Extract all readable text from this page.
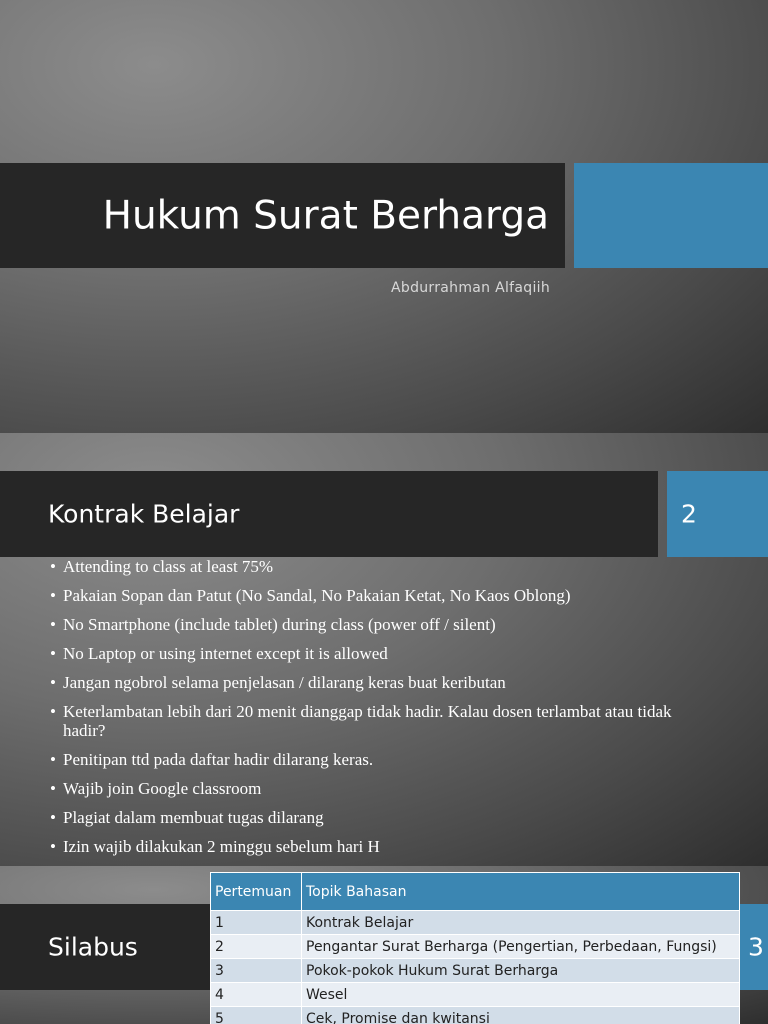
Hukum Surat Berharga
Abdurrahman Alfaqiih
Kontrak Belajar	2
• Attending to class at least 75%
• Pakaian Sopan dan Patut (No Sandal, No Pakaian Ketat, No Kaos Oblong)
• No Smartphone (include tablet) during class (power off / silent)
• No Laptop or using internet except it is allowed
• Jangan ngobrol selama penjelasan / dilarang keras buat keributan
• Keterlambatan lebih dari 20 menit dianggap tidak hadir. Kalau dosen terlambat atau tidak hadir?
• Penitipan ttd pada daftar hadir dilarang keras.
• Wajib join Google classroom
• Plagiat dalam membuat tugas dilarang
• Izin wajib dilakukan 2 minggu sebelum hari H
Silabus	3
Pertemuan	Topik Bahasan
1	Kontrak Belajar
2	Pengantar Surat Berharga (Pengertian, Perbedaan, Fungsi)
3	Pokok-pokok Hukum Surat Berharga
4	Wesel
5	Cek, Promise dan kwitansi
